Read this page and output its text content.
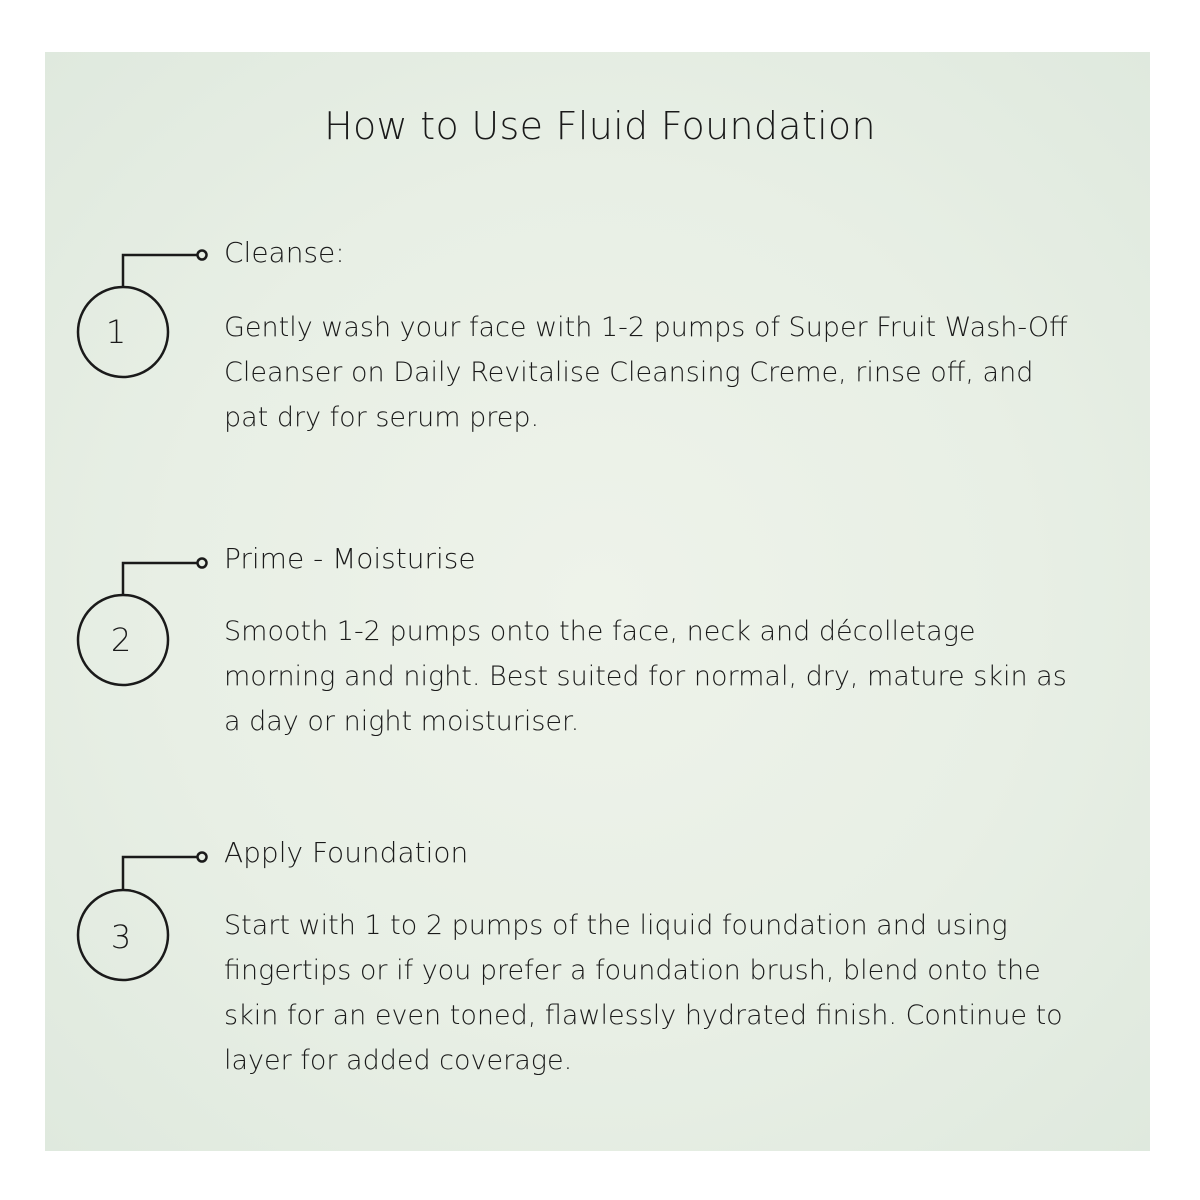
How to Use Fluid Foundation
1
Cleanse:
Gently wash your face with 1-2 pumps of Super Fruit Wash-Off Cleanser on Daily Revitalise Cleansing Creme, rinse off, and pat dry for serum prep.
2
Prime - Moisturise
Smooth 1-2 pumps onto the face, neck and décolletage morning and night. Best suited for normal, dry, mature skin as a day or night moisturiser.
3
Apply Foundation
Start with 1 to 2 pumps of the liquid foundation and using fingertips or if you prefer a foundation brush, blend onto the skin for an even toned, flawlessly hydrated finish. Continue to layer for added coverage.
